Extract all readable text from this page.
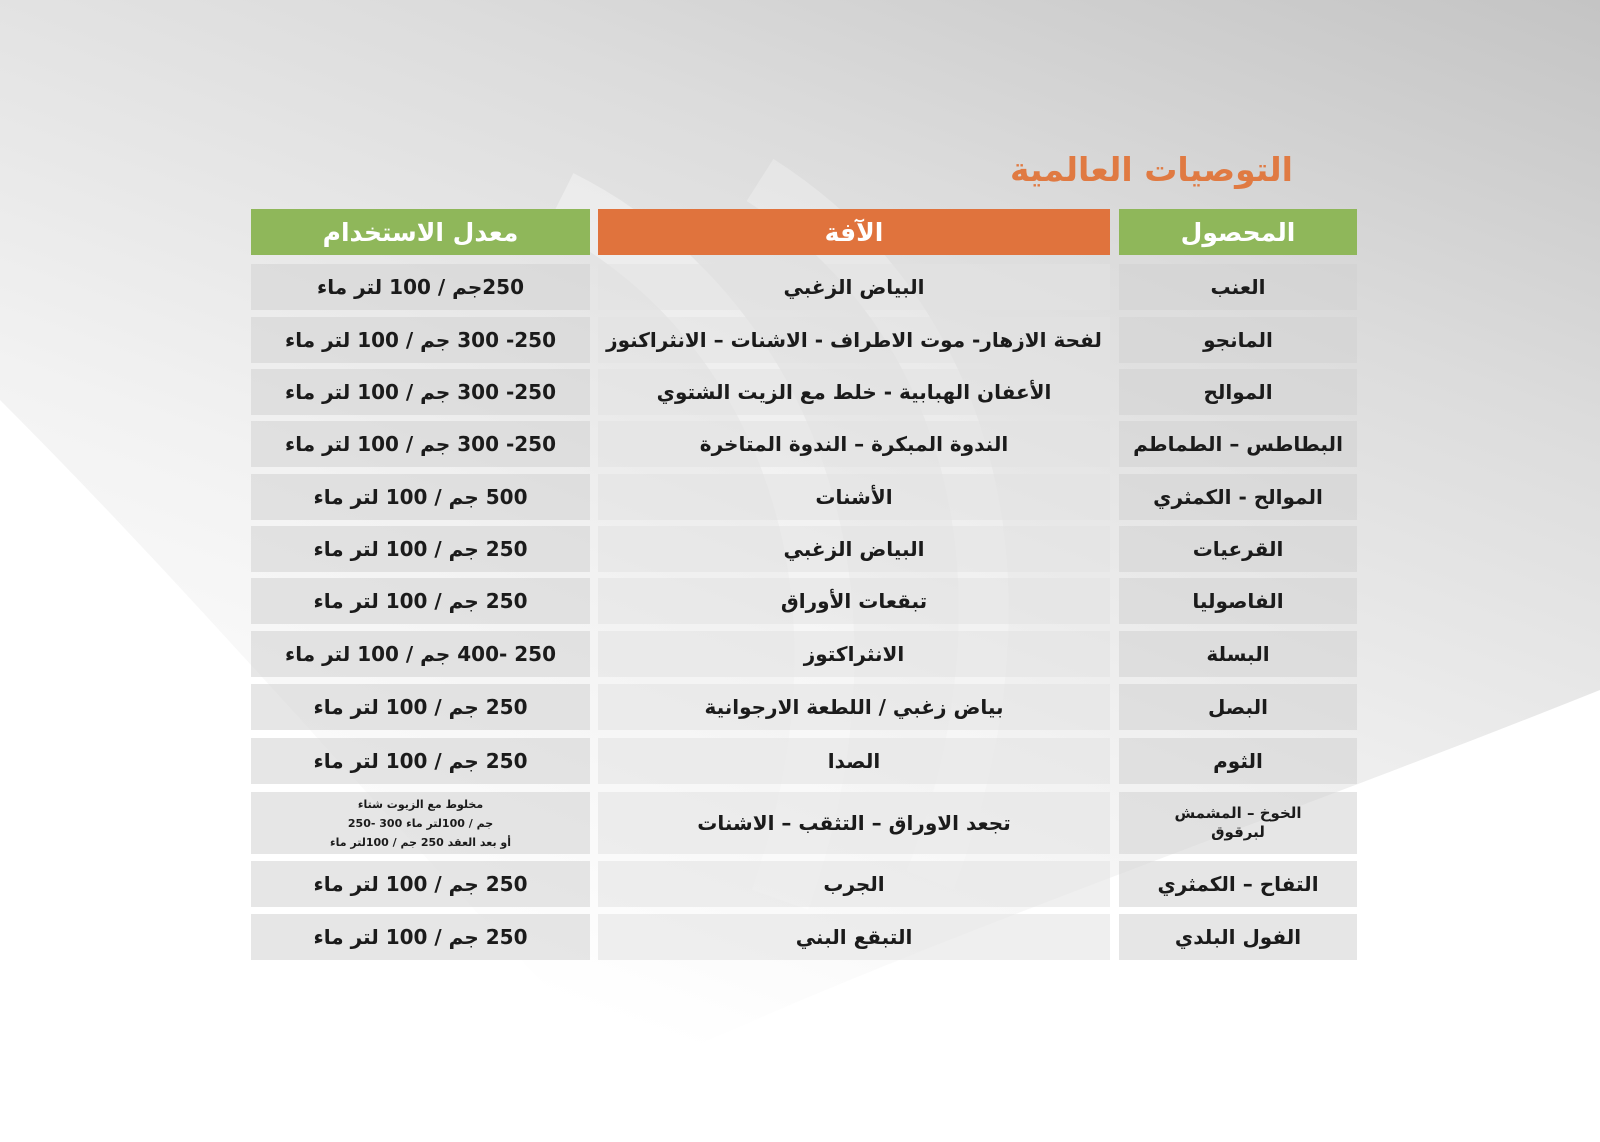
التوصيات العالمية
المحصول
الآفة
معدل الاستخدام
العنب
البياض الزغبي
250جم / 100 لتر ماء
المانجو
لفحة الازهار- موت الاطراف - الاشنات – الانثراكنوز
250- 300 جم / 100 لتر ماء
الموالح
الأعفان الهبابية - خلط مع الزيت الشتوي
250- 300 جم / 100 لتر ماء
البطاطس – الطماطم
الندوة المبكرة – الندوة المتاخرة
250- 300 جم / 100 لتر ماء
الموالح - الكمثري
الأشنات
500 جم / 100 لتر ماء
القرعيات
البياض الزغبي
250 جم / 100 لتر ماء
الفاصوليا
تبقعات الأوراق
250 جم / 100 لتر ماء
البسلة
الانثراكتوز
250 -400 جم / 100 لتر ماء
البصل
بياض زغبي / اللطعة الارجوانية
250 جم / 100 لتر ماء
الثوم
الصدا
250 جم / 100 لتر ماء
الخوخ – المشمش
لبرقوق
تجعد الاوراق – التثقب – الاشنات
مخلوط مع الزيوت شتاء
جم / 100لتر ماء 300 -250
أو بعد العقد 250 جم / 100لتر ماء
التفاح – الكمثري
الجرب
250 جم / 100 لتر ماء
الفول البلدي
التبقع البني
250 جم / 100 لتر ماء
